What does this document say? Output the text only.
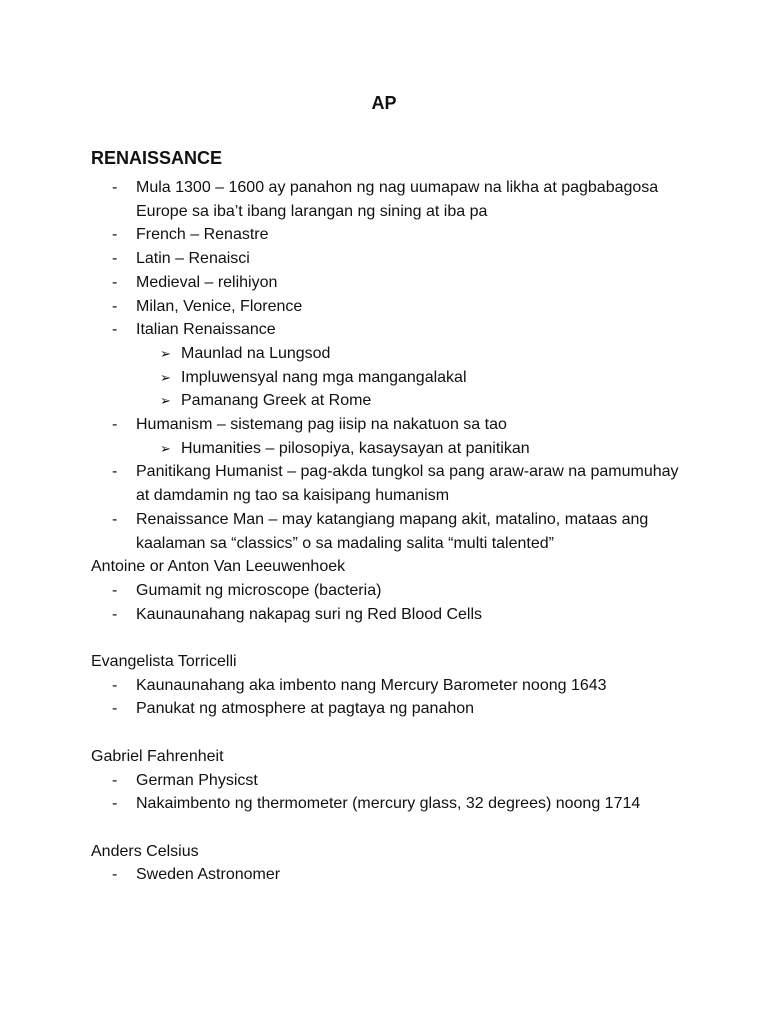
AP
RENAISSANCE
- Mula 1300 – 1600 ay panahon ng nag uumapaw na likha at pagbabagosa Europe sa iba’t ibang larangan ng sining at iba pa
- French – Renastre
- Latin – Renaisci
- Medieval – relihiyon
- Milan, Venice, Florence
- Italian Renaissance
➢ Maunlad na Lungsod
➢ Impluwensyal nang mga mangangalakal
➢ Pamanang Greek at Rome
- Humanism – sistemang pag iisip na nakatuon sa tao
➢ Humanities – pilosopiya, kasaysayan at panitikan
- Panitikang Humanist – pag-akda tungkol sa pang araw-araw na pamumuhay at damdamin ng tao sa kaisipang humanism
- Renaissance Man – may katangiang mapang akit, matalino, mataas ang kaalaman sa “classics” o sa madaling salita “multi talented”
Antoine or Anton Van Leeuwenhoek
- Gumamit ng microscope (bacteria)
- Kaunaunahang nakapag suri ng Red Blood Cells
Evangelista Torricelli
- Kaunaunahang aka imbento nang Mercury Barometer noong 1643
- Panukat ng atmosphere at pagtaya ng panahon
Gabriel Fahrenheit
- German Physicst
- Nakaimbento ng thermometer (mercury glass, 32 degrees) noong 1714
Anders Celsius
- Sweden Astronomer
